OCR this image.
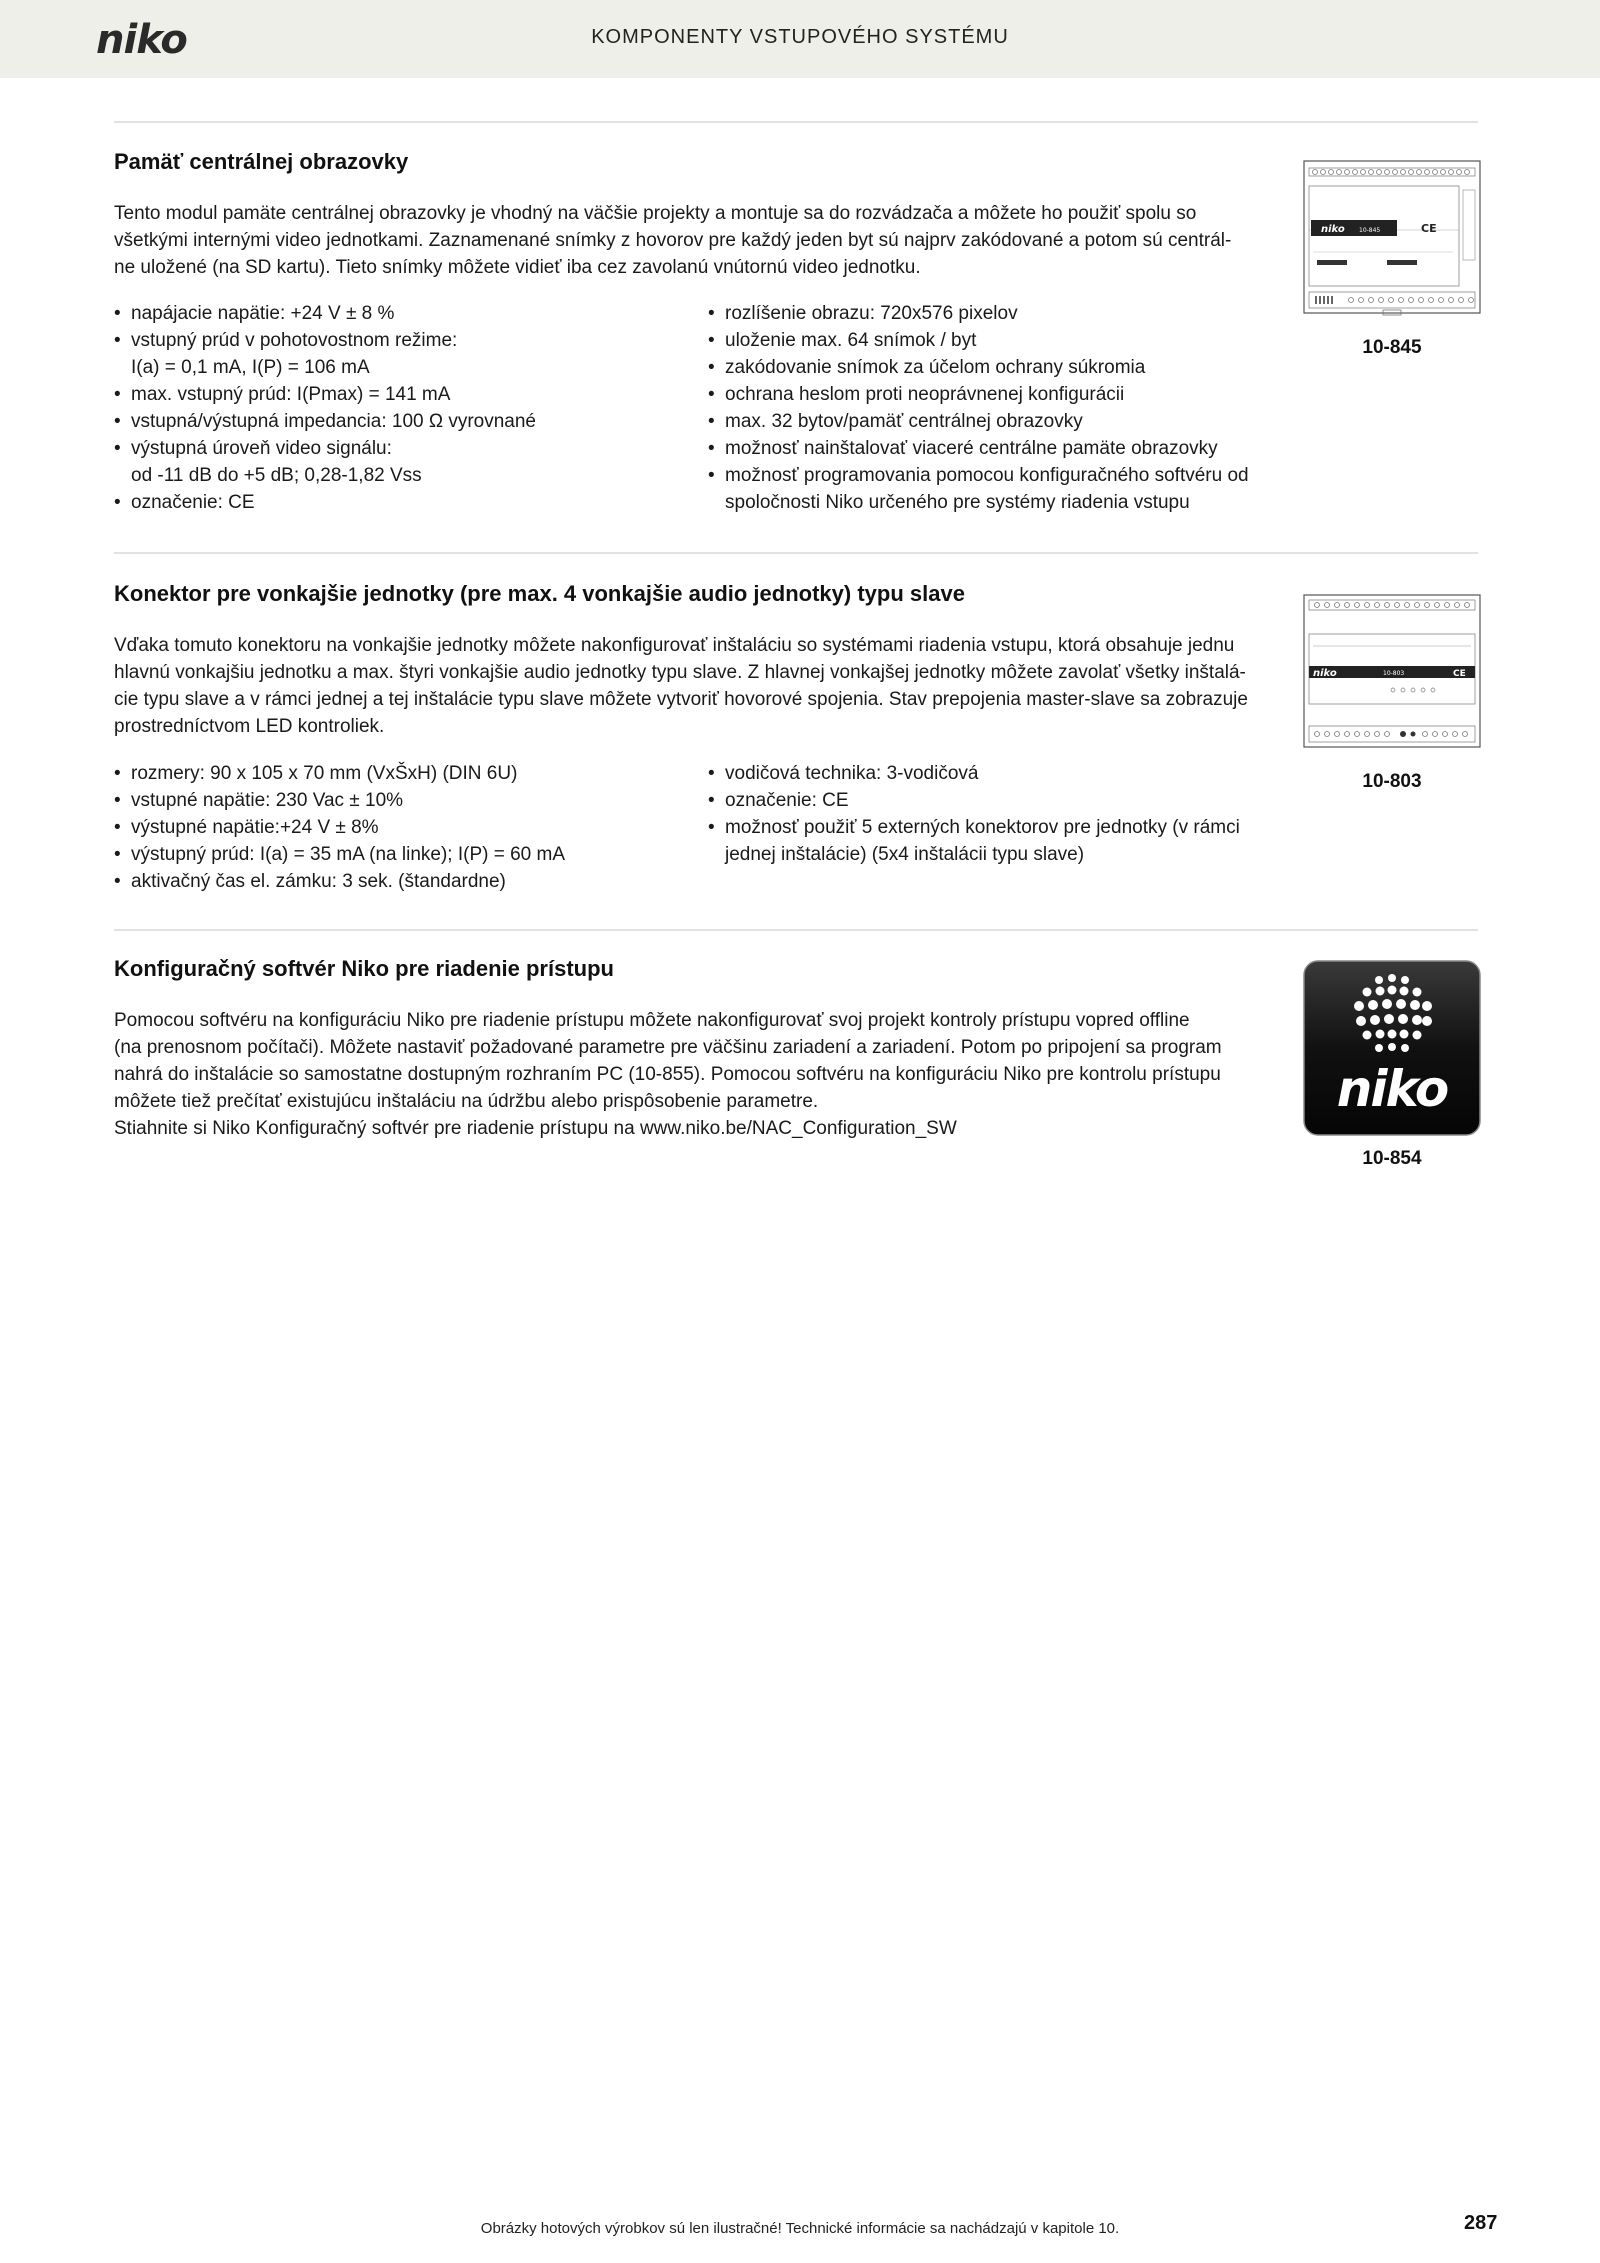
niko	KOMPONENTY VSTUPOVÉHO SYSTÉMU
Pamäť centrálnej obrazovky
Tento modul pamäte centrálnej obrazovky je vhodný na väčšie projekty a montuje sa do rozvádzača a môžete ho použiť spolu so
všetkými internými video jednotkami. Zaznamenané snímky z hovorov pre každý jeden byt sú najprv zakódované a potom sú centrál-
ne uložené (na SD kartu). Tieto snímky môžete vidieť iba cez zavolanú vnútornú video jednotku.
• napájacie napätie: +24 V ± 8 %
• vstupný prúd v pohotovostnom režime:
I(a) = 0,1 mA, I(P) = 106 mA
• max. vstupný prúd: I(Pmax) = 141 mA
• vstupná/výstupná impedancia: 100 Ω vyrovnané
• výstupná úroveň video signálu:
od -11 dB do +5 dB; 0,28-1,82 Vss
• označenie: CE
• rozlíšenie obrazu: 720x576 pixelov
• uloženie max. 64 snímok / byt
• zakódovanie snímok za účelom ochrany súkromia
• ochrana heslom proti neoprávnenej konfigurácii
• max. 32 bytov/pamäť centrálnej obrazovky
• možnosť nainštalovať viaceré centrálne pamäte obrazovky
• možnosť programovania pomocou konfiguračného softvéru od
spoločnosti Niko určeného pre systémy riadenia vstupu
niko 10-845	CE
10-845
Konektor pre vonkajšie jednotky (pre max. 4 vonkajšie audio jednotky) typu slave
Vďaka tomuto konektoru na vonkajšie jednotky môžete nakonfigurovať inštaláciu so systémami riadenia vstupu, ktorá obsahuje jednu
hlavnú vonkajšiu jednotku a max. štyri vonkajšie audio jednotky typu slave. Z hlavnej vonkajšej jednotky môžete zavolať všetky inštalá-
cie typu slave a v rámci jednej a tej inštalácie typu slave môžete vytvoriť hovorové spojenia. Stav prepojenia master-slave sa zobrazuje
prostredníctvom LED kontroliek.
• rozmery: 90 x 105 x 70 mm (VxŠxH) (DIN 6U)
• vstupné napätie: 230 Vac ± 10%
• výstupné napätie:+24 V ± 8%
• výstupný prúd: I(a) = 35 mA (na linke); I(P) = 60 mA
• aktivačný čas el. zámku: 3 sek. (štandardne)
• vodičová technika: 3-vodičová
• označenie: CE
• možnosť použiť 5 externých konektorov pre jednotky (v rámci
jednej inštalácie) (5x4 inštalácii typu slave)
niko	10-803	CE
10-803
Konfiguračný softvér Niko pre riadenie prístupu
Pomocou softvéru na konfiguráciu Niko pre riadenie prístupu môžete nakonfigurovať svoj projekt kontroly prístupu vopred offline
(na prenosnom počítači). Môžete nastaviť požadované parametre pre väčšinu zariadení a zariadení. Potom po pripojení sa program
nahrá do inštalácie so samostatne dostupným rozhraním PC (10-855). Pomocou softvéru na konfiguráciu Niko pre kontrolu prístupu
môžete tiež prečítať existujúcu inštaláciu na údržbu alebo prispôsobenie parametre.
Stiahnite si Niko Konfiguračný softvér pre riadenie prístupu na www.niko.be/NAC_Configuration_SW
niko
10-854
Obrázky hotových výrobkov sú len ilustračné! Technické informácie sa nachádzajú v kapitole 10.	287
